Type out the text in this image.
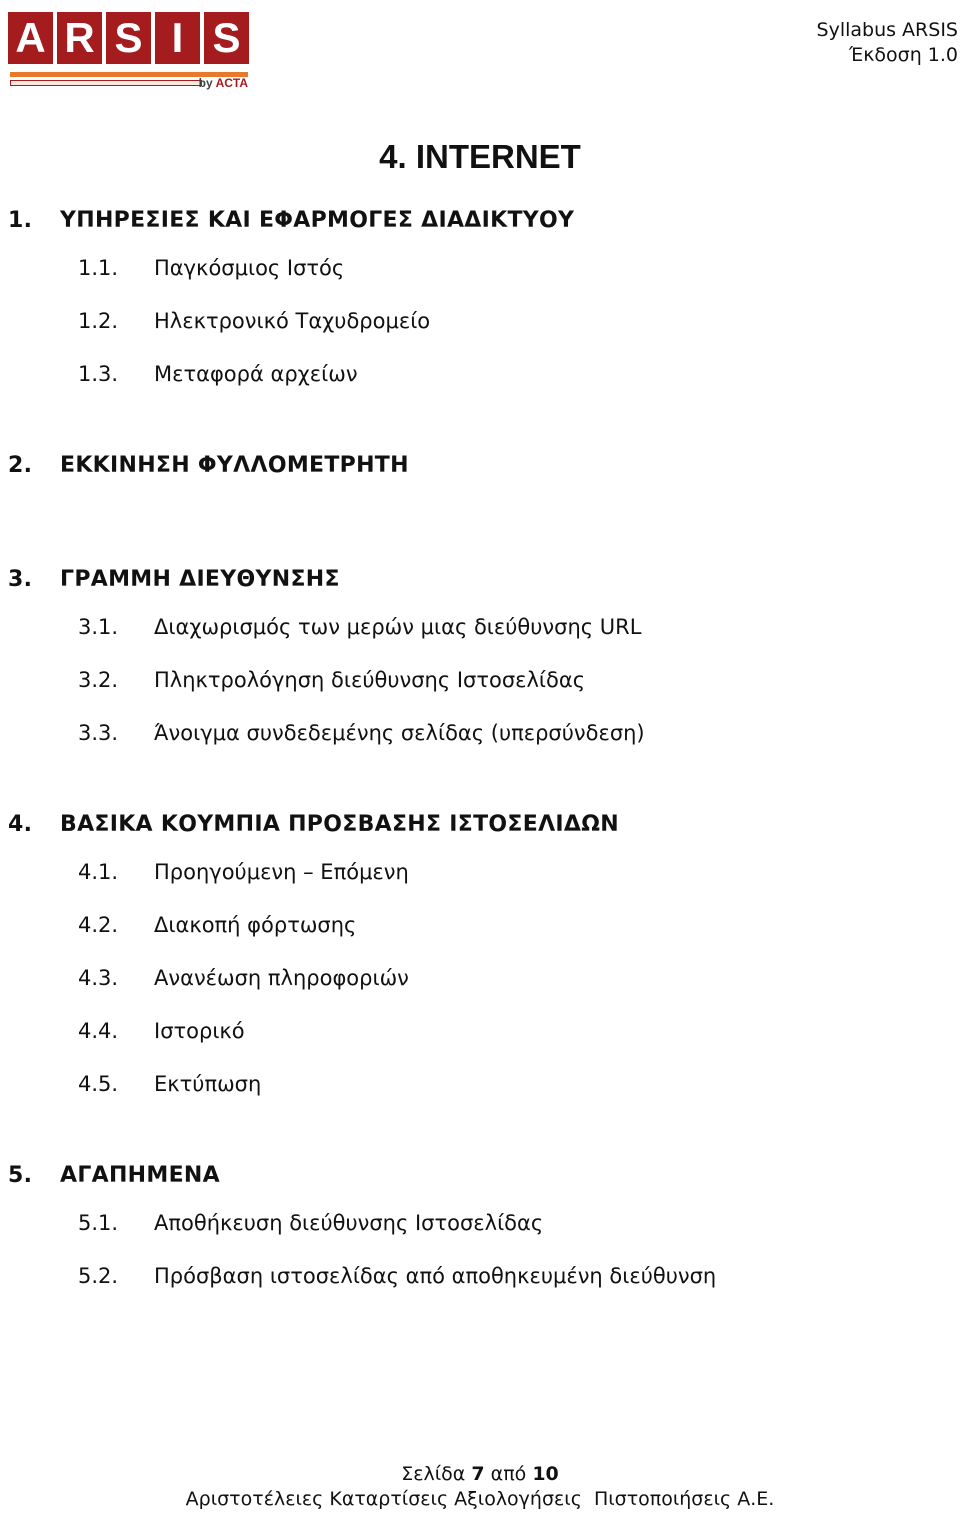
A R S I S
by ACTA
Syllabus ARSIS
Έκδοση 1.0
4. INTERNET
1.	ΥΠΗΡΕΣΙΕΣ ΚΑΙ ΕΦΑΡΜΟΓΕΣ ΔΙΑΔΙΚΤΥΟΥ
1.1.	Παγκόσμιος Ιστός
1.2.	Ηλεκτρονικό Ταχυδρομείο
1.3.	Μεταφορά αρχείων
2.	ΕΚΚΙΝΗΣΗ ΦΥΛΛΟΜΕΤΡΗΤΗ
3.	ΓΡΑΜΜΗ ΔΙΕΥΘΥΝΣΗΣ
3.1.	Διαχωρισμός των μερών μιας διεύθυνσης URL
3.2.	Πληκτρολόγηση διεύθυνσης Ιστοσελίδας
3.3.	Άνοιγμα συνδεδεμένης σελίδας (υπερσύνδεση)
4.	ΒΑΣΙΚΑ ΚΟΥΜΠΙΑ ΠΡΟΣΒΑΣΗΣ ΙΣΤΟΣΕΛΙΔΩΝ
4.1.	Προηγούμενη – Επόμενη
4.2.	Διακοπή φόρτωσης
4.3.	Ανανέωση πληροφοριών
4.4.	Ιστορικό
4.5.	Εκτύπωση
5.	ΑΓΑΠΗΜΕΝΑ
5.1.	Αποθήκευση διεύθυνσης Ιστοσελίδας
5.2.	Πρόσβαση ιστοσελίδας από αποθηκευμένη διεύθυνση
Σελίδα 7 από 10
Αριστοτέλειες Καταρτίσεις Αξιολογήσεις  Πιστοποιήσεις Α.Ε.
